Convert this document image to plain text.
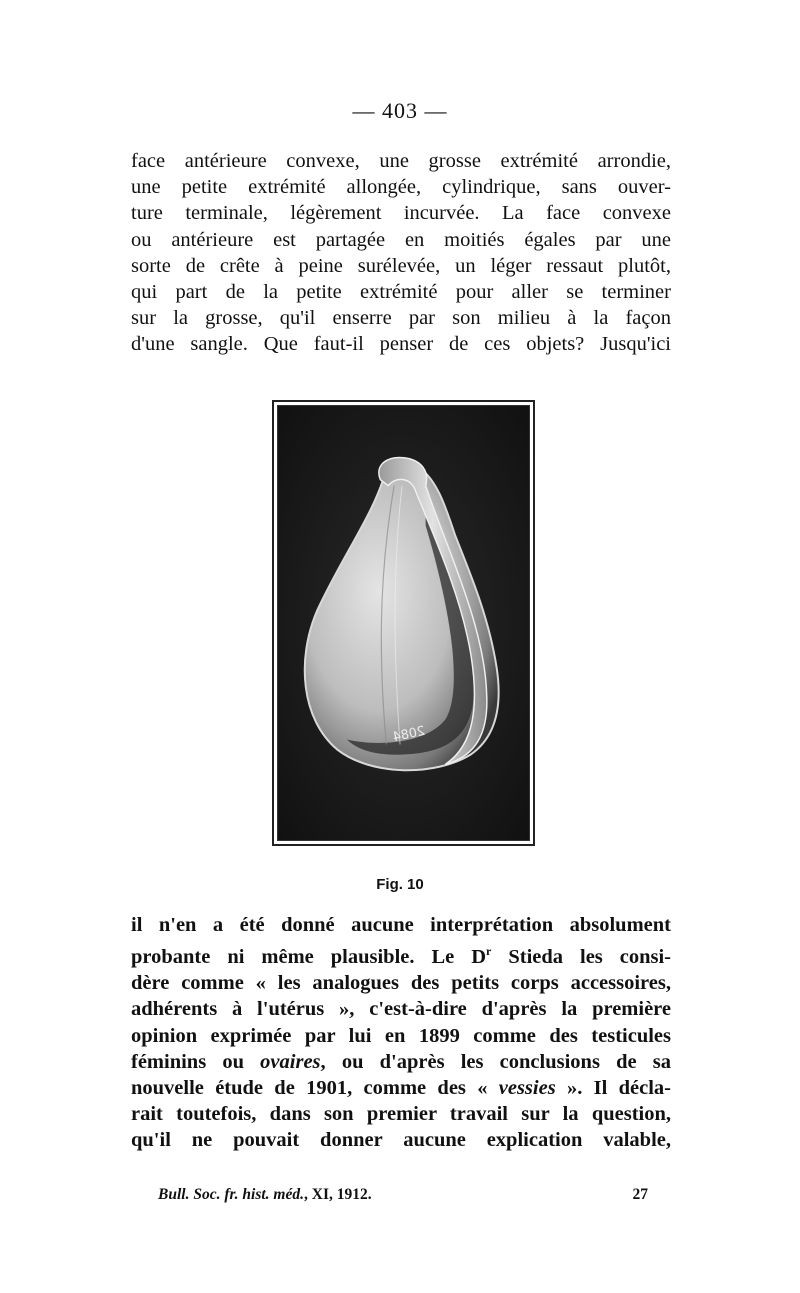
— 403 —
face antérieure convexe, une grosse extrémité arrondie,
une petite extrémité allongée, cylindrique, sans ouver-
ture terminale, légèrement incurvée. La face convexe
ou antérieure est partagée en moitiés égales par une
sorte de crête à peine surélevée, un léger ressaut plutôt,
qui part de la petite extrémité pour aller se terminer
sur la grosse, qu'il enserre par son milieu à la façon
d'une sangle. Que faut-il penser de ces objets? Jusqu'ici
2084
Fig. 10
il n'en a été donné aucune interprétation absolument
probante ni même plausible. Le $D^r$ Stieda les consi-
dère comme « les analogues des petits corps accessoires,
adhérents à l'utérus », c'est-à-dire d'après la première
opinion exprimée par lui en 1899 comme des testicules
féminins ou ovaires, ou d'après les conclusions de sa
nouvelle étude de 1901, comme des « vessies ». Il décla-
rait toutefois, dans son premier travail sur la question,
qu'il ne pouvait donner aucune explication valable,
Bull. Soc. fr. hist. méd., XI, 1912.	27
